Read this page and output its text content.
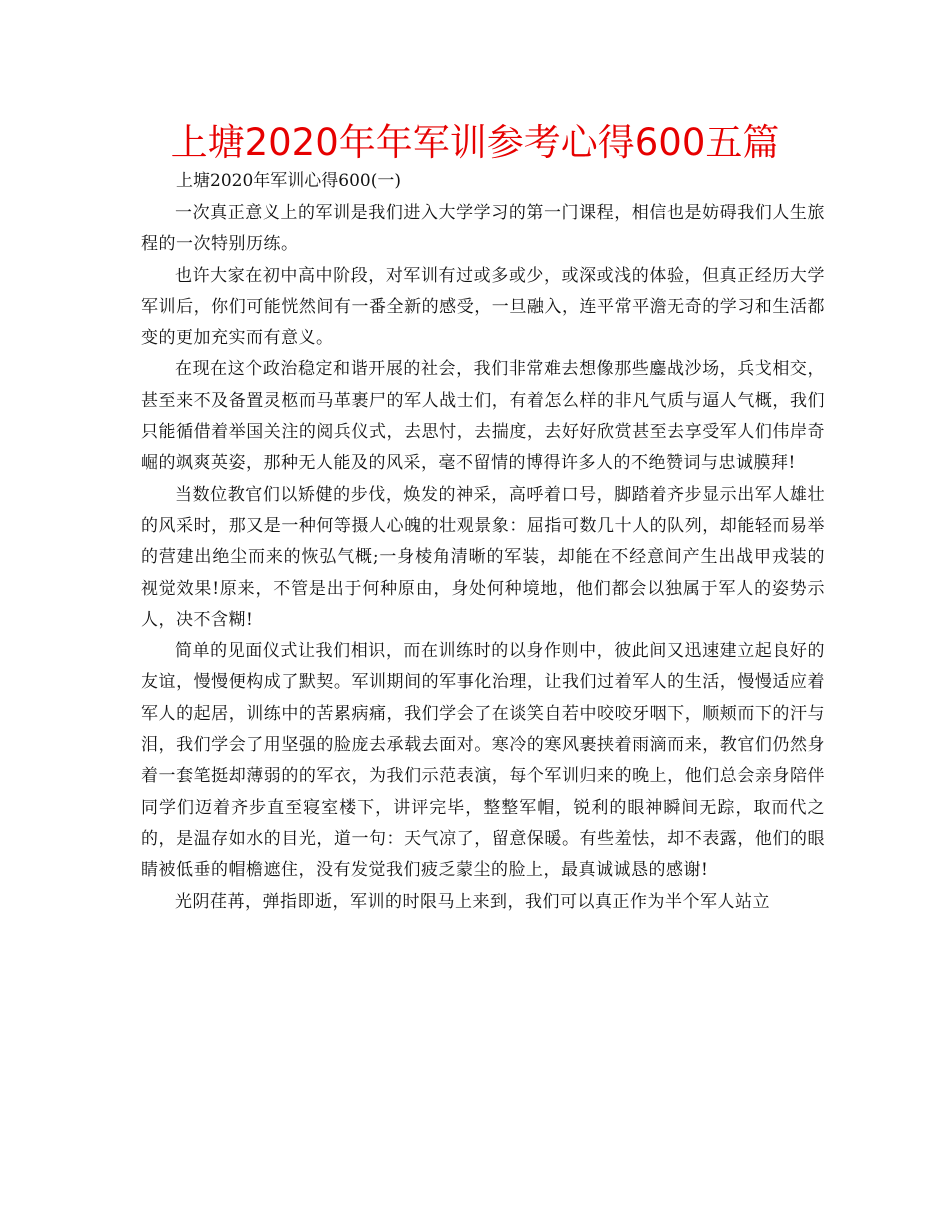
上塘2020年年军训参考心得600五篇

上塘2020年军训心得600(一)

一次真正意义上的军训是我们进入大学学习的第一门课程，相信也是妨碍我们人生旅程的一次特别历练。

也许大家在初中高中阶段，对军训有过或多或少，或深或浅的体验，但真正经历大学军训后，你们可能恍然间有一番全新的感受，一旦融入，连平常平澹无奇的学习和生活都变的更加充实而有意义。

在现在这个政治稳定和谐开展的社会，我们非常难去想像那些鏖战沙场，兵戈相交，甚至来不及备置灵柩而马革裹尸的军人战士们，有着怎么样的非凡气质与逼人气概，我们只能循借着举国关注的阅兵仪式，去思忖，去揣度，去好好欣赏甚至去享受军人们伟岸奇崛的飒爽英姿，那种无人能及的风采，毫不留情的博得许多人的不绝赞词与忠诚膜拜!

当数位教官们以矫健的步伐，焕发的神采，高呼着口号，脚踏着齐步显示出军人雄壮的风采时，那又是一种何等摄人心魄的壮观景象：屈指可数几十人的队列，却能轻而易举的营建出绝尘而来的恢弘气概;一身棱角清晰的军装，却能在不经意间产生出战甲戎装的视觉效果!原来，不管是出于何种原由，身处何种境地，他们都会以独属于军人的姿势示人，决不含糊!

简单的见面仪式让我们相识，而在训练时的以身作则中，彼此间又迅速建立起良好的友谊，慢慢便构成了默契。军训期间的军事化治理，让我们过着军人的生活，慢慢适应着军人的起居，训练中的苦累病痛，我们学会了在谈笑自若中咬咬牙咽下，顺颊而下的汗与泪，我们学会了用坚强的脸庞去承载去面对。寒冷的寒风裹挟着雨滴而来，教官们仍然身着一套笔挺却薄弱的的军衣，为我们示范表演，每个军训归来的晚上，他们总会亲身陪伴同学们迈着齐步直至寝室楼下，讲评完毕，整整军帽，锐利的眼神瞬间无踪，取而代之的，是温存如水的目光，道一句：天气凉了，留意保暖。有些羞怯，却不表露，他们的眼睛被低垂的帽檐遮住，没有发觉我们疲乏蒙尘的脸上，最真诚诚恳的感谢!

光阴荏苒，弹指即逝，军训的时限马上来到，我们可以真正作为半个军人站立
